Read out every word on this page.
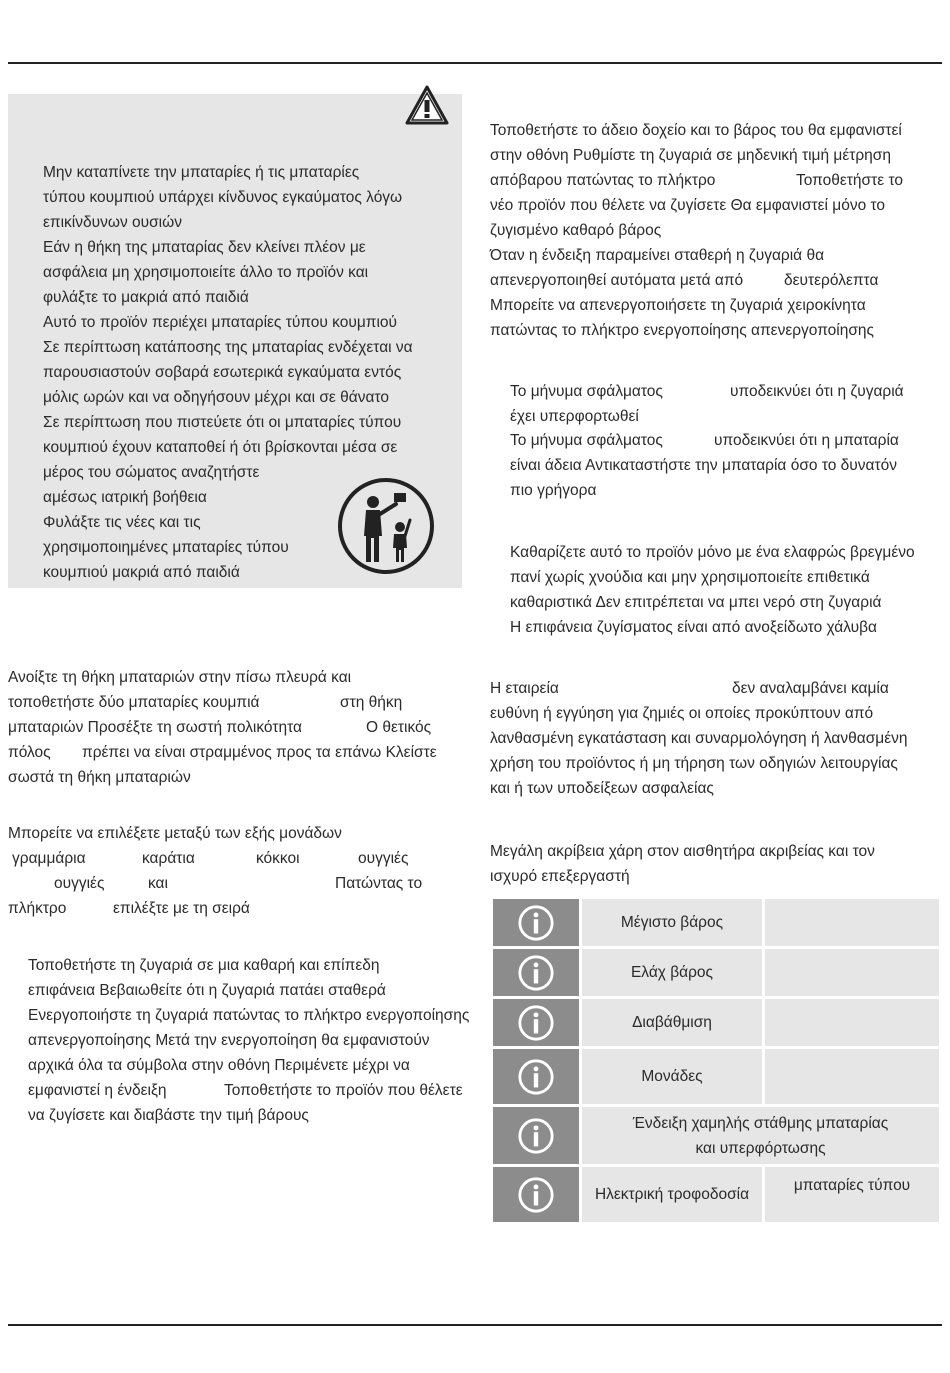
Μην καταπίνετε την μπαταρίες ή τις μπαταρίες
τύπου κουμπιού υπάρχει κίνδυνος εγκαύματος λόγω
επικίνδυνων ουσιών
Εάν η θήκη της μπαταρίας δεν κλείνει πλέον με
ασφάλεια μη χρησιμοποιείτε άλλο το προϊόν και
φυλάξτε το μακριά από παιδιά
Αυτό το προϊόν περιέχει μπαταρίες τύπου κουμπιού
Σε περίπτωση κατάποσης της μπαταρίας ενδέχεται να
παρουσιαστούν σοβαρά εσωτερικά εγκαύματα εντός
μόλις ωρών και να οδηγήσουν μέχρι και σε θάνατο
Σε περίπτωση που πιστεύετε ότι οι μπαταρίες τύπου
κουμπιού έχουν καταποθεί ή ότι βρίσκονται μέσα σε
μέρος του σώματος αναζητήστε
αμέσως ιατρική βοήθεια
Φυλάξτε τις νέες και τις
χρησιμοποιημένες μπαταρίες τύπου
κουμπιού μακριά από παιδιά
Ανοίξτε τη θήκη μπαταριών στην πίσω πλευρά και
τοποθετήστε δύο μπαταρίες κουμπιά	στη θήκη
μπαταριών Προσέξτε τη σωστή πολικότητα	Ο θετικός
πόλος πρέπει να είναι στραμμένος προς τα επάνω Κλείστε
σωστά τη θήκη μπαταριών
Μπορείτε να επιλέξετε μεταξύ των εξής μονάδων
γραμμάρια	καράτια	κόκκοι	ουγγιές
ουγγιές	και	Πατώντας το
πλήκτρο	επιλέξτε με τη σειρά
Τοποθετήστε τη ζυγαριά σε μια καθαρή και επίπεδη
επιφάνεια Βεβαιωθείτε ότι η ζυγαριά πατάει σταθερά
Ενεργοποιήστε τη ζυγαριά πατώντας το πλήκτρο ενεργοποίησης
απενεργοποίησης Μετά την ενεργοποίηση θα εμφανιστούν
αρχικά όλα τα σύμβολα στην οθόνη Περιμένετε μέχρι να
εμφανιστεί η ένδειξη	Τοποθετήστε το προϊόν που θέλετε
να ζυγίσετε και διαβάστε την τιμή βάρους
Τοποθετήστε το άδειο δοχείο και το βάρος του θα εμφανιστεί
στην οθόνη Ρυθμίστε τη ζυγαριά σε μηδενική τιμή μέτρηση
απόβαρου πατώντας το πλήκτρο	Τοποθετήστε το
νέο προϊόν που θέλετε να ζυγίσετε Θα εμφανιστεί μόνο το
ζυγισμένο καθαρό βάρος
Όταν η ένδειξη παραμείνει σταθερή η ζυγαριά θα
απενεργοποιηθεί αυτόματα μετά από	δευτερόλεπτα
Μπορείτε να απενεργοποιήσετε τη ζυγαριά χειροκίνητα
πατώντας το πλήκτρο ενεργοποίησης απενεργοποίησης
Το μήνυμα σφάλματος	υποδεικνύει ότι η ζυγαριά
έχει υπερφορτωθεί
Το μήνυμα σφάλματος	υποδεικνύει ότι η μπαταρία
είναι άδεια Αντικαταστήστε την μπαταρία όσο το δυνατόν
πιο γρήγορα
Καθαρίζετε αυτό το προϊόν μόνο με ένα ελαφρώς βρεγμένο
πανί χωρίς χνούδια και μην χρησιμοποιείτε επιθετικά
καθαριστικά Δεν επιτρέπεται να μπει νερό στη ζυγαριά
Η επιφάνεια ζυγίσματος είναι από ανοξείδωτο χάλυβα
Η εταιρεία	δεν αναλαμβάνει καμία
ευθύνη ή εγγύηση για ζημιές οι οποίες προκύπτουν από
λανθασμένη εγκατάσταση και συναρμολόγηση ή λανθασμένη
χρήση του προϊόντος ή μη τήρηση των οδηγιών λειτουργίας
και ή των υποδείξεων ασφαλείας
Μεγάλη ακρίβεια χάρη στον αισθητήρα ακριβείας και τον
ισχυρό επεξεργαστή
	Μέγιστο βάρος	
	Ελάχ βάρος	
	Διαβάθμιση	
	Μονάδες	
	Ένδειξη χαμηλής στάθμης μπαταρίας
και υπερφόρτωσης	
	Ηλεκτρική τροφοδοσία	μπαταρίες τύπου
